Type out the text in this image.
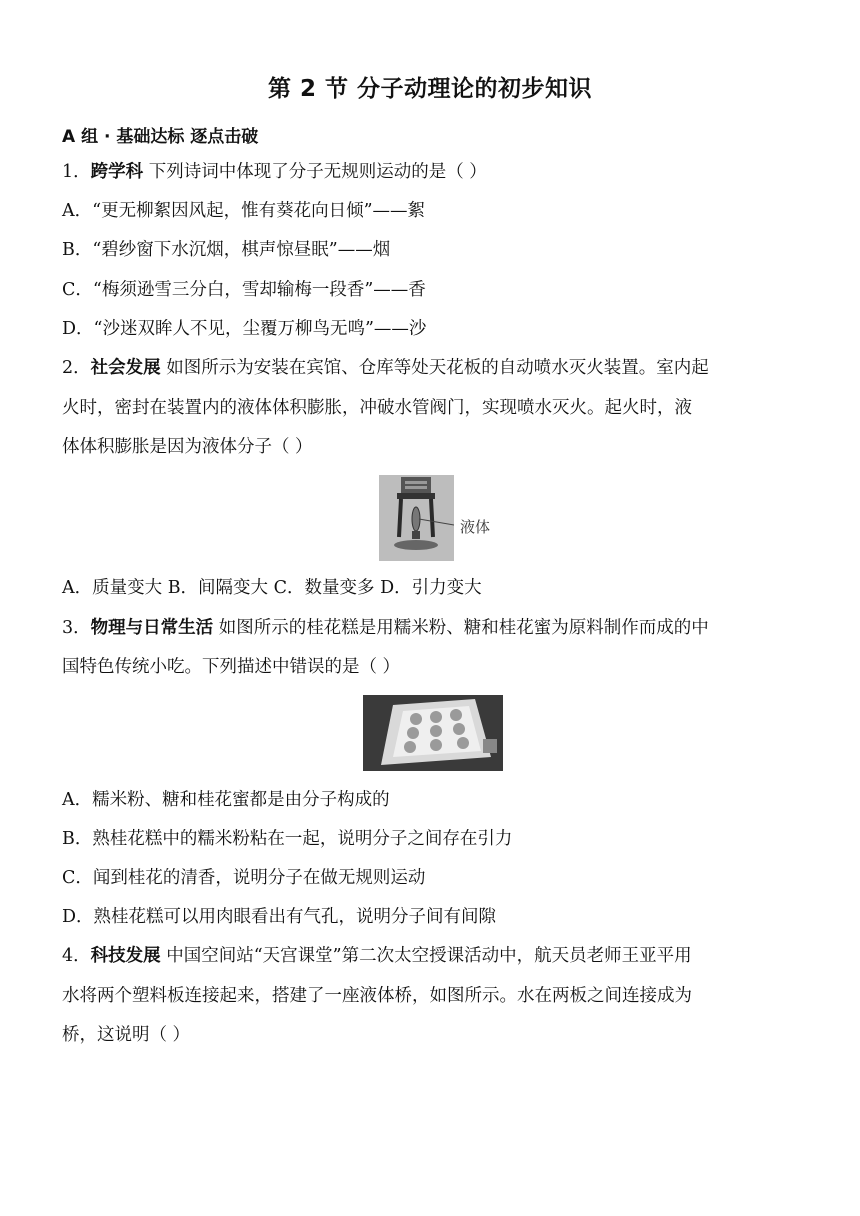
第 2 节 分子动理论的初步知识
A 组 · 基础达标 逐点击破
1．跨学科 下列诗词中体现了分子无规则运动的是（ ）
A．“更无柳絮因风起，惟有葵花向日倾”——絮
B．“碧纱窗下水沉烟，棋声惊昼眠”——烟
C．“梅须逊雪三分白，雪却输梅一段香”——香
D．“沙迷双眸人不见，尘覆万柳鸟无鸣”——沙
2．社会发展 如图所示为安装在宾馆、仓库等处天花板的自动喷水灭火装置。室内起
火时，密封在装置内的液体体积膨胀，冲破水管阀门，实现喷水灭火。起火时，液
体体积膨胀是因为液体分子（ ）
液体
A．质量变大 B．间隔变大 C．数量变多 D．引力变大
3．物理与日常生活 如图所示的桂花糕是用糯米粉、糖和桂花蜜为原料制作而成的中
国特色传统小吃。下列描述中错误的是（ ）
A．糯米粉、糖和桂花蜜都是由分子构成的
B．熟桂花糕中的糯米粉粘在一起，说明分子之间存在引力
C．闻到桂花的清香，说明分子在做无规则运动
D．熟桂花糕可以用肉眼看出有气孔，说明分子间有间隙
4．科技发展 中国空间站“天宫课堂”第二次太空授课活动中，航天员老师王亚平用
水将两个塑料板连接起来，搭建了一座液体桥，如图所示。水在两板之间连接成为
桥，这说明（ ）
